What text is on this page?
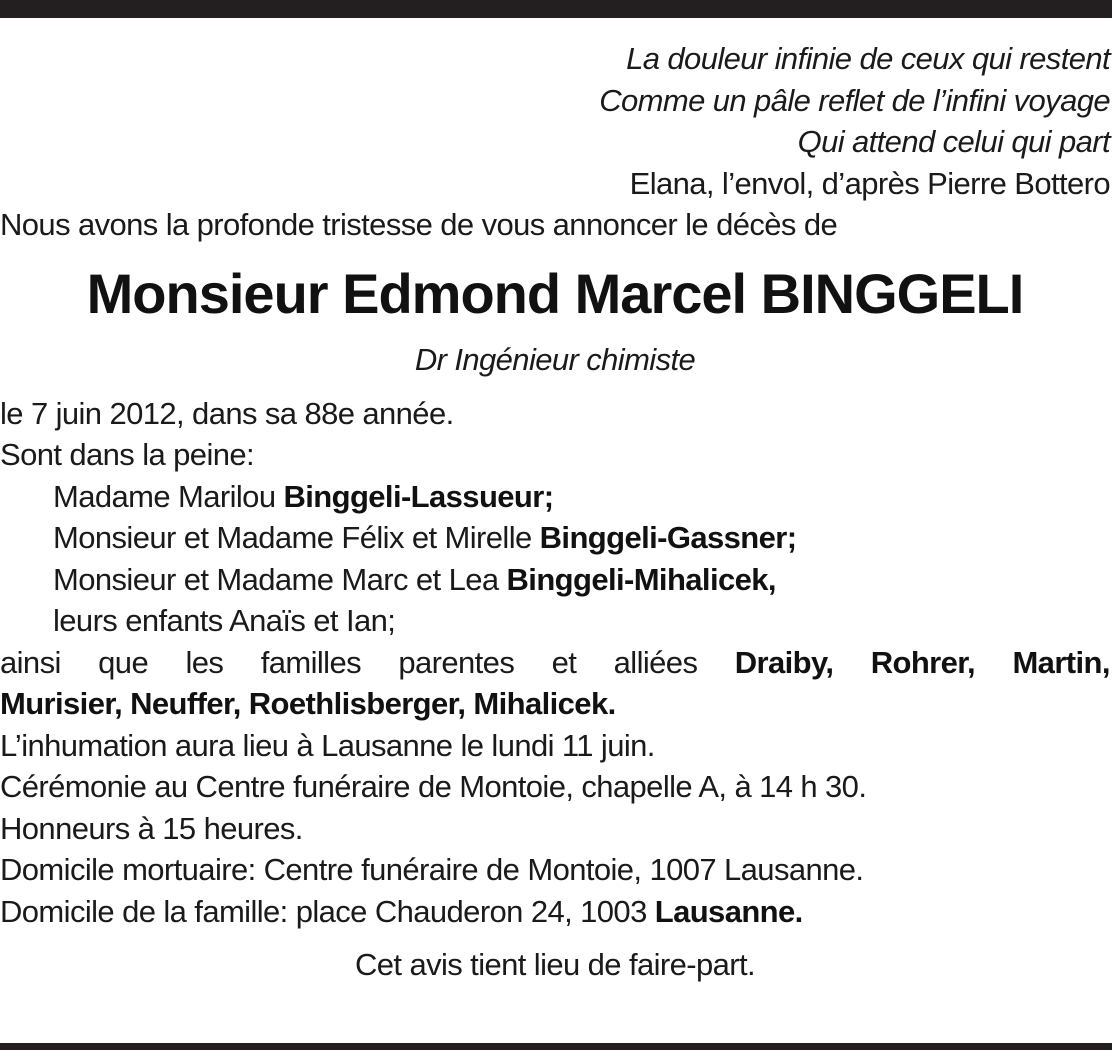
La douleur infinie de ceux qui restent
Comme un pâle reflet de l’infini voyage
Qui attend celui qui part
Elana, l’envol, d’après Pierre Bottero
Nous avons la profonde tristesse de vous annoncer le décès de
Monsieur Edmond Marcel BINGGELI
Dr Ingénieur chimiste
le 7 juin 2012, dans sa 88e année.
Sont dans la peine:
Madame Marilou Binggeli-Lassueur;
Monsieur et Madame Félix et Mirelle Binggeli-Gassner;
Monsieur et Madame Marc et Lea Binggeli-Mihalicek,
leurs enfants Anaïs et Ian;
ainsi que les familles parentes et alliées Draiby, Rohrer, Martin,
Murisier, Neuffer, Roethlisberger, Mihalicek.
L’inhumation aura lieu à Lausanne le lundi 11 juin.
Cérémonie au Centre funéraire de Montoie, chapelle A, à 14 h 30.
Honneurs à 15 heures.
Domicile mortuaire: Centre funéraire de Montoie, 1007 Lausanne.
Domicile de la famille: place Chauderon 24, 1003 Lausanne.
Cet avis tient lieu de faire-part.
